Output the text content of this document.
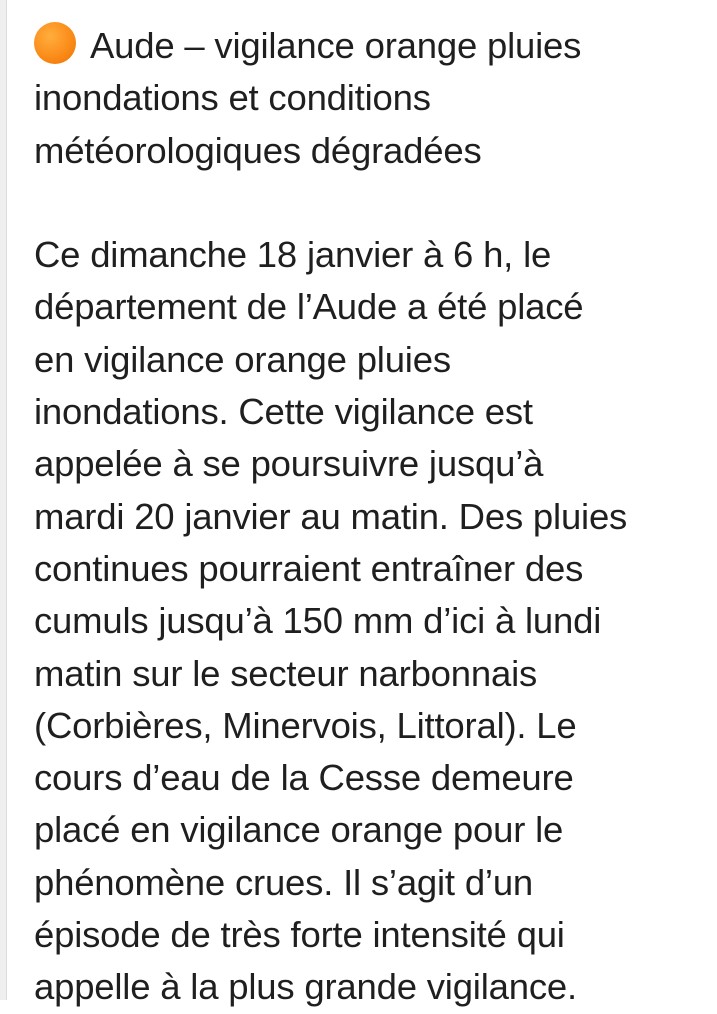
Aude – vigilance orange pluies
inondations et conditions
météorologiques dégradées

Ce dimanche 18 janvier à 6 h, le
département de l’Aude a été placé
en vigilance orange pluies
inondations. Cette vigilance est
appelée à se poursuivre jusqu’à
mardi 20 janvier au matin. Des pluies
continues pourraient entraîner des
cumuls jusqu’à 150 mm d’ici à lundi
matin sur le secteur narbonnais
(Corbières, Minervois, Littoral). Le
cours d’eau de la Cesse demeure
placé en vigilance orange pour le
phénomène crues. Il s’agit d’un
épisode de très forte intensité qui
appelle à la plus grande vigilance.
